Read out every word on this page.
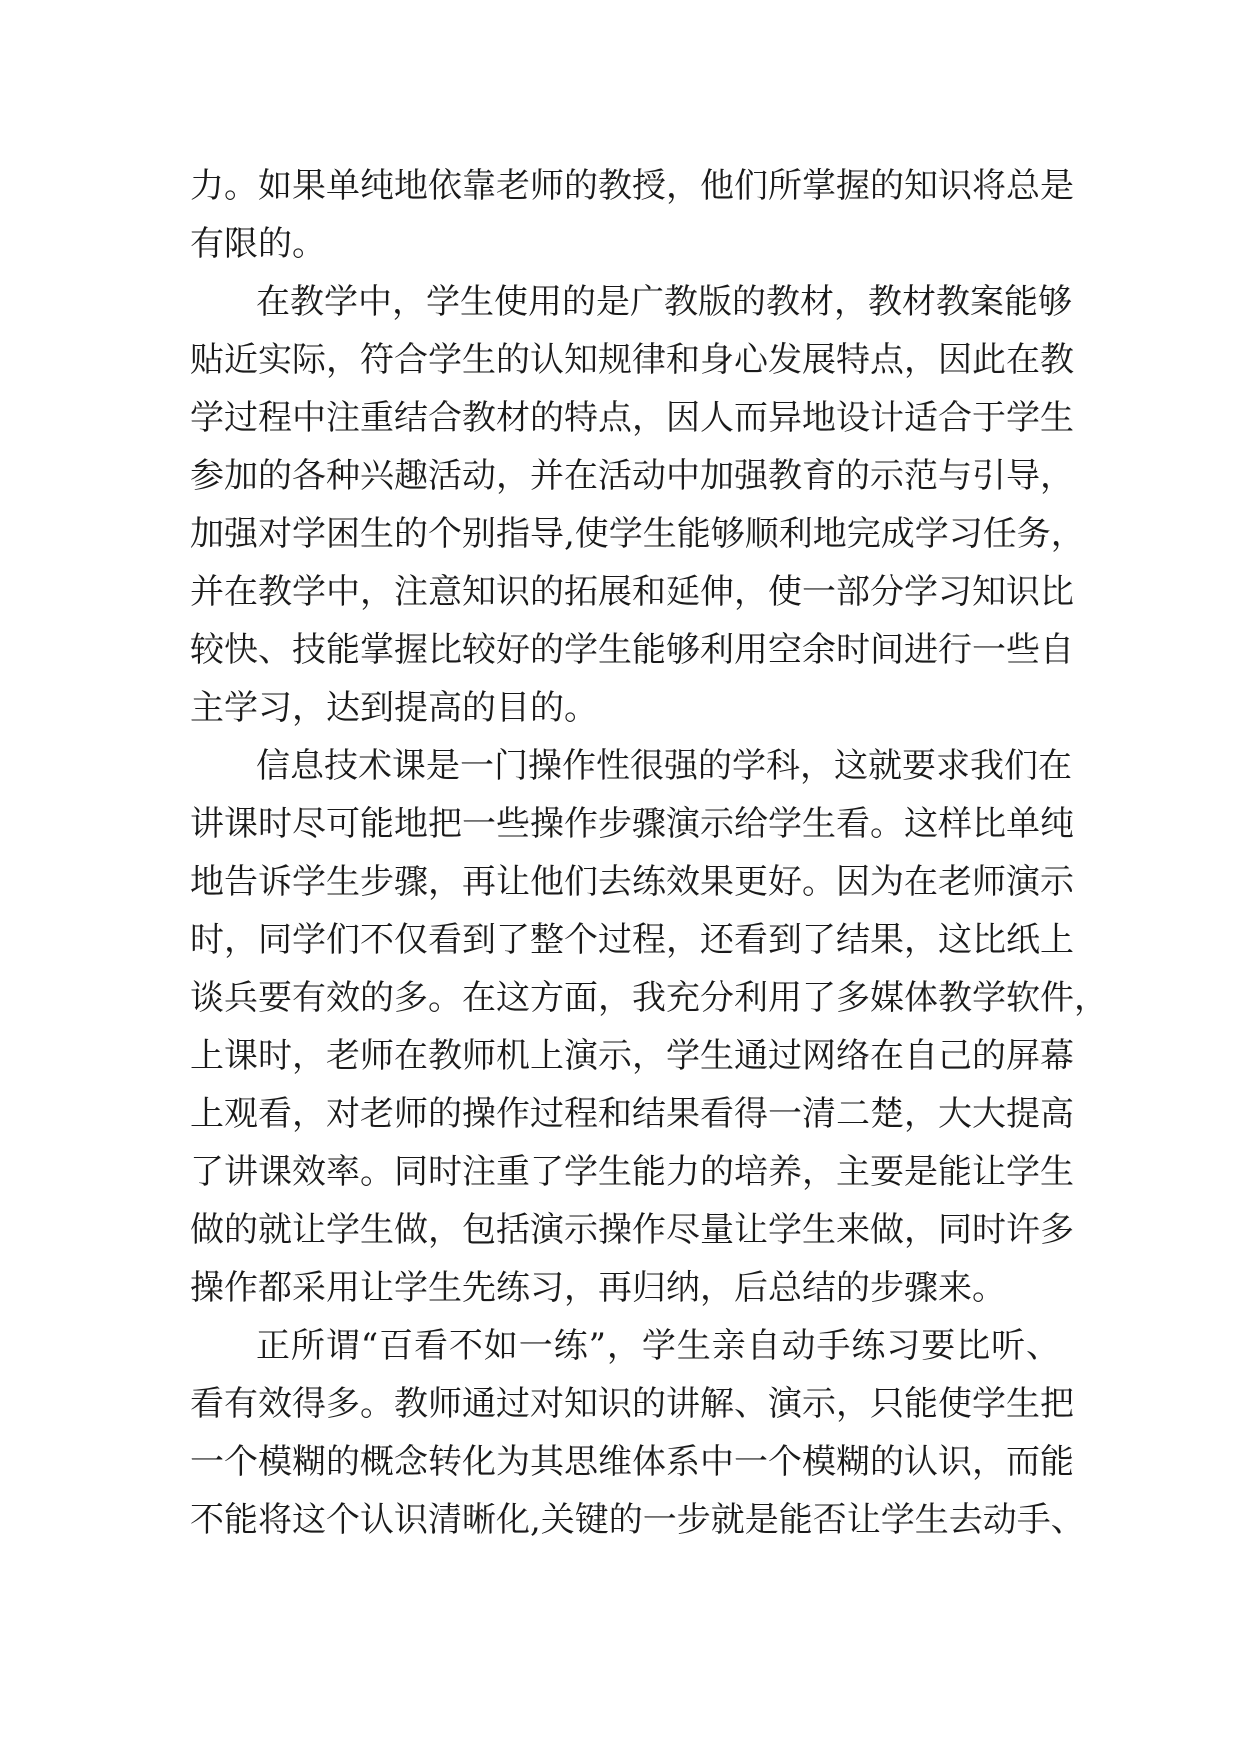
力。如果单纯地依靠老师的教授，他们所掌握的知识将总是
有限的。
在教学中，学生使用的是广教版的教材，教材教案能够
贴近实际，符合学生的认知规律和身心发展特点，因此在教
学过程中注重结合教材的特点，因人而异地设计适合于学生
参加的各种兴趣活动，并在活动中加强教育的示范与引导，
加强对学困生的个别指导,使学生能够顺利地完成学习任务，
并在教学中，注意知识的拓展和延伸，使一部分学习知识比
较快、技能掌握比较好的学生能够利用空余时间进行一些自
主学习，达到提高的目的。
信息技术课是一门操作性很强的学科，这就要求我们在
讲课时尽可能地把一些操作步骤演示给学生看。这样比单纯
地告诉学生步骤，再让他们去练效果更好。因为在老师演示
时，同学们不仅看到了整个过程，还看到了结果，这比纸上
谈兵要有效的多。在这方面，我充分利用了多媒体教学软件，
上课时，老师在教师机上演示，学生通过网络在自己的屏幕
上观看，对老师的操作过程和结果看得一清二楚，大大提高
了讲课效率。同时注重了学生能力的培养，主要是能让学生
做的就让学生做，包括演示操作尽量让学生来做，同时许多
操作都采用让学生先练习，再归纳，后总结的步骤来。
正所谓“百看不如一练”，学生亲自动手练习要比听、
看有效得多。教师通过对知识的讲解、演示，只能使学生把
一个模糊的概念转化为其思维体系中一个模糊的认识，而能
不能将这个认识清晰化,关键的一步就是能否让学生去动手、
